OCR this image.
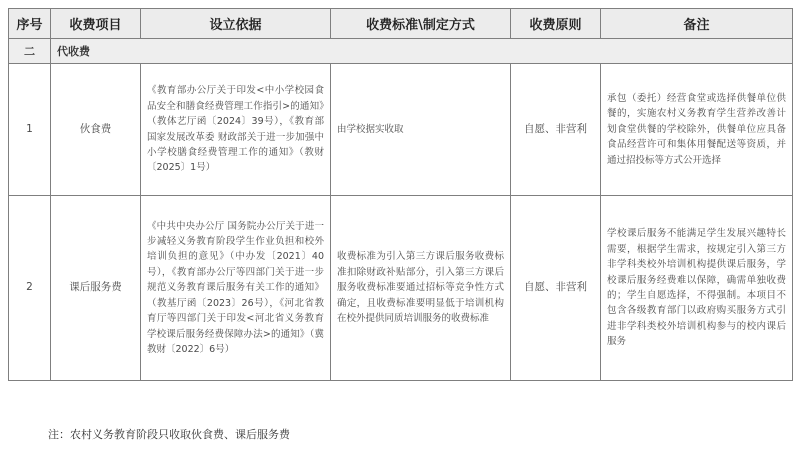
序号	收费项目	设立依据	收费标准\制定方式	收费原则	备注
二	代收费				
1	伙食费	《教育部办公厅关于印发<中小学校园食品安全和膳食经费管理工作指引>的通知》（教体艺厅函〔2024〕39号），《教育部 国家发展改革委 财政部关于进一步加强中小学校膳食经费管理工作的通知》（教财〔2025〕1号）	由学校据实收取	自愿、非营利	承包（委托）经营食堂或选择供餐单位供餐的，实施农村义务教育学生营养改善计划食堂供餐的学校除外，供餐单位应具备食品经营许可和集体用餐配送等资质，并通过招投标等方式公开选择
2	课后服务费	《中共中央办公厅 国务院办公厅关于进一步减轻义务教育阶段学生作业负担和校外培训负担的意见》（中办发〔2021〕40号），《教育部办公厅等四部门关于进一步规范义务教育课后服务有关工作的通知》（教基厅函〔2023〕26号），《河北省教育厅等四部门关于印发<河北省义务教育学校课后服务经费保障办法>的通知》（冀教财〔2022〕6号）	收费标准为引入第三方课后服务收费标准扣除财政补贴部分，引入第三方课后服务收费标准要通过招标等竞争性方式确定，且收费标准要明显低于培训机构在校外提供同质培训服务的收费标准	自愿、非营利	学校课后服务不能满足学生发展兴趣特长需要，根据学生需求，按规定引入第三方非学科类校外培训机构提供课后服务，学校课后服务经费难以保障，确需单独收费的；学生自愿选择，不得强制。本项目不包含各级教育部门以政府购买服务方式引进非学科类校外培训机构参与的校内课后服务
注：农村义务教育阶段只收取伙食费、课后服务费
